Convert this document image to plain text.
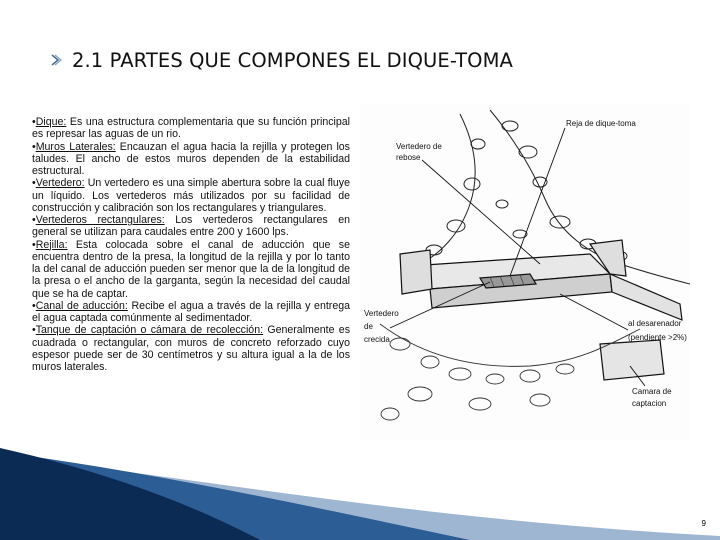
2.1 PARTES QUE COMPONES EL DIQUE-TOMA

•Dique: Es una estructura complementaria que su función principal es represar las aguas de un rio.

•Muros Laterales: Encauzan el agua hacia la rejilla y protegen los taludes. El ancho de estos muros dependen de la estabilidad estructural.

•Vertedero: Un vertedero es una simple abertura sobre la cual fluye un líquido. Los vertederos más utilizados por su facilidad de construcción y calibración son los rectangulares y triangulares.

•Vertederos rectangulares: Los vertederos rectangulares en general se utilizan para caudales entre 200 y 1600 lps.

•Rejilla: Esta colocada sobre el canal de aducción que se encuentra dentro de la presa, la longitud de la rejilla y por lo tanto la del canal de aducción pueden ser menor que la de la longitud de la presa o el ancho de la garganta, según la necesidad del caudal que se ha de captar.

•Canal de aducción: Recibe el agua a través de la rejilla y entrega el agua captada comúnmente al sedimentador.

•Tanque de captación o cámara de recolección: Generalmente es cuadrada o rectangular, con muros de concreto reforzado cuyo espesor puede ser de 30 centímetros y su altura igual a la de los muros laterales.

Reja de dique-toma
Vertedero de
rebose
Vertedero
de
crecida
al desarenador
(pendiente >2%)
Camara de
captacion
9
